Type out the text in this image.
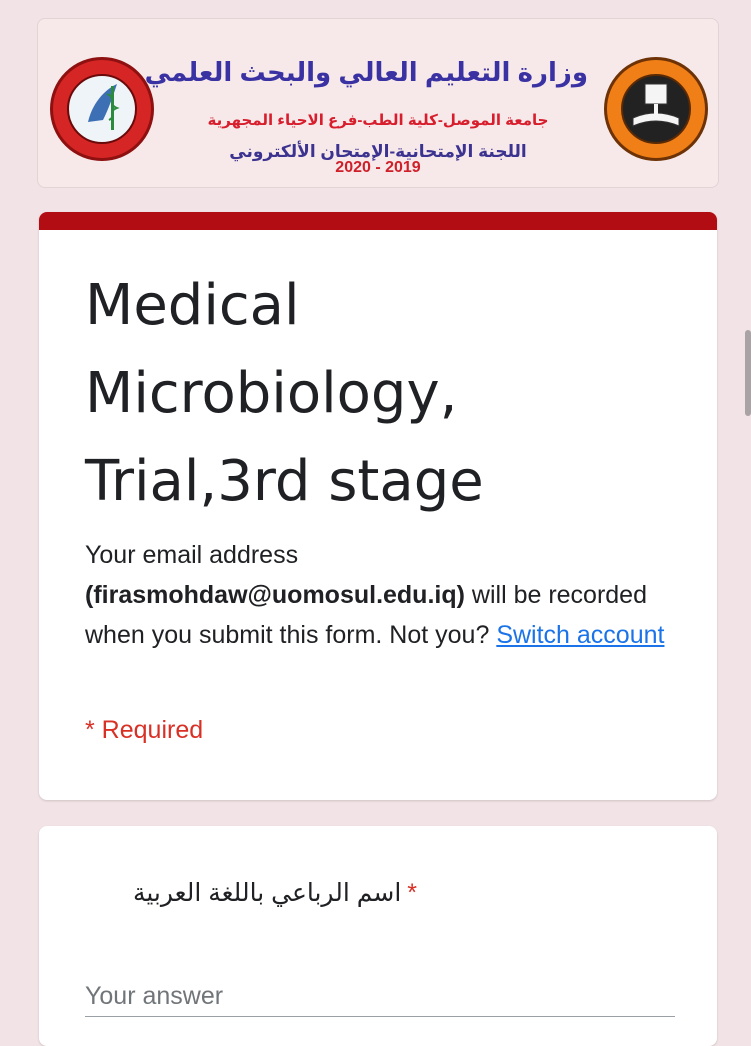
وزارة التعليم العالي والبحث العلمي
جامعة الموصل-كلية الطب-فرع الاحياء المجهرية
اللجنة الإمتحانية-الإمتحان الألكتروني
2020 - 2019
Medical Microbiology, Trial,3rd stage
Your email address (firasmohdaw@uomosul.edu.iq) will be recorded when you submit this form. Not you? Switch account
* Required
*اسم الرباعي باللغة العربية
Your answer
